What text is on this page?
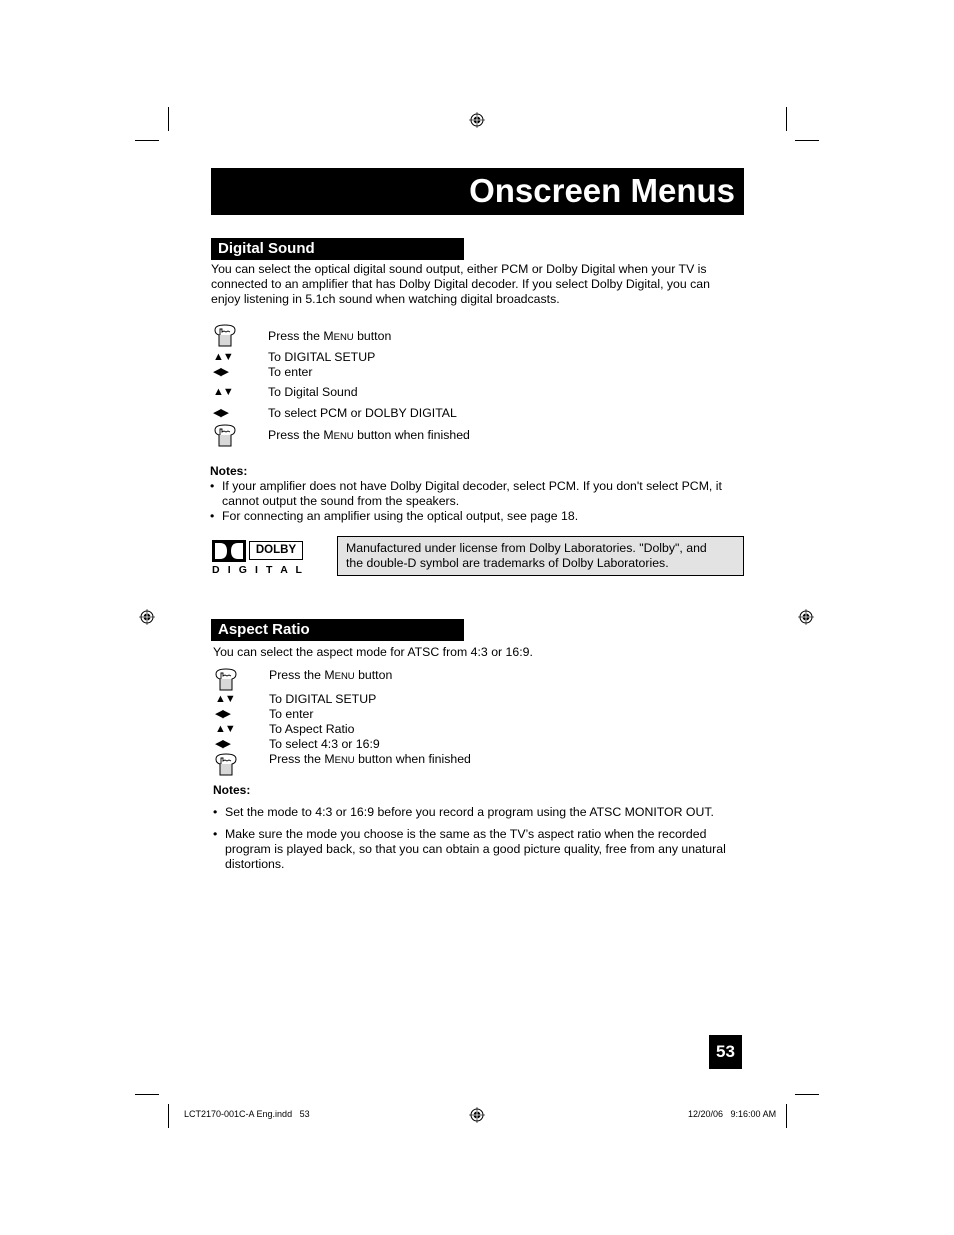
Onscreen Menus
Digital Sound
You can select the optical digital sound output, either PCM or Dolby Digital when your TV is connected to an amplifier that has Dolby Digital decoder. If you select Dolby Digital, you can enjoy listening in 5.1ch sound when watching digital broadcasts.
Press the MENU button
▲▼	To DIGITAL SETUP
◀▶	To enter
▲▼	To Digital Sound
◀▶	To select PCM or DOLBY DIGITAL
Press the MENU button when finished
Notes:
• If your amplifier does not have Dolby Digital decoder, select PCM. If you don't select PCM, it
cannot output the sound from the speakers.
• For connecting an amplifier using the optical output, see page 18.
DOLBY
D I G I T A L
Manufactured under license from Dolby Laboratories. "Dolby", and
the double-D symbol are trademarks of Dolby Laboratories.
Aspect Ratio
You can select the aspect mode for ATSC from 4:3 or 16:9.
Press the MENU button
▲▼	To DIGITAL SETUP
◀▶	To enter
▲▼	To Aspect Ratio
◀▶	To select 4:3 or 16:9
Press the MENU button when finished
Notes:
• Set the mode to 4:3 or 16:9 before you record a program using the ATSC MONITOR OUT.
• Make sure the mode you choose is the same as the TV’s aspect ratio when the recorded
program is played back, so that you can obtain a good picture quality, free from any unatural
distortions.
53
LCT2170-001C-A Eng.indd   53	12/20/06   9:16:00 AM
